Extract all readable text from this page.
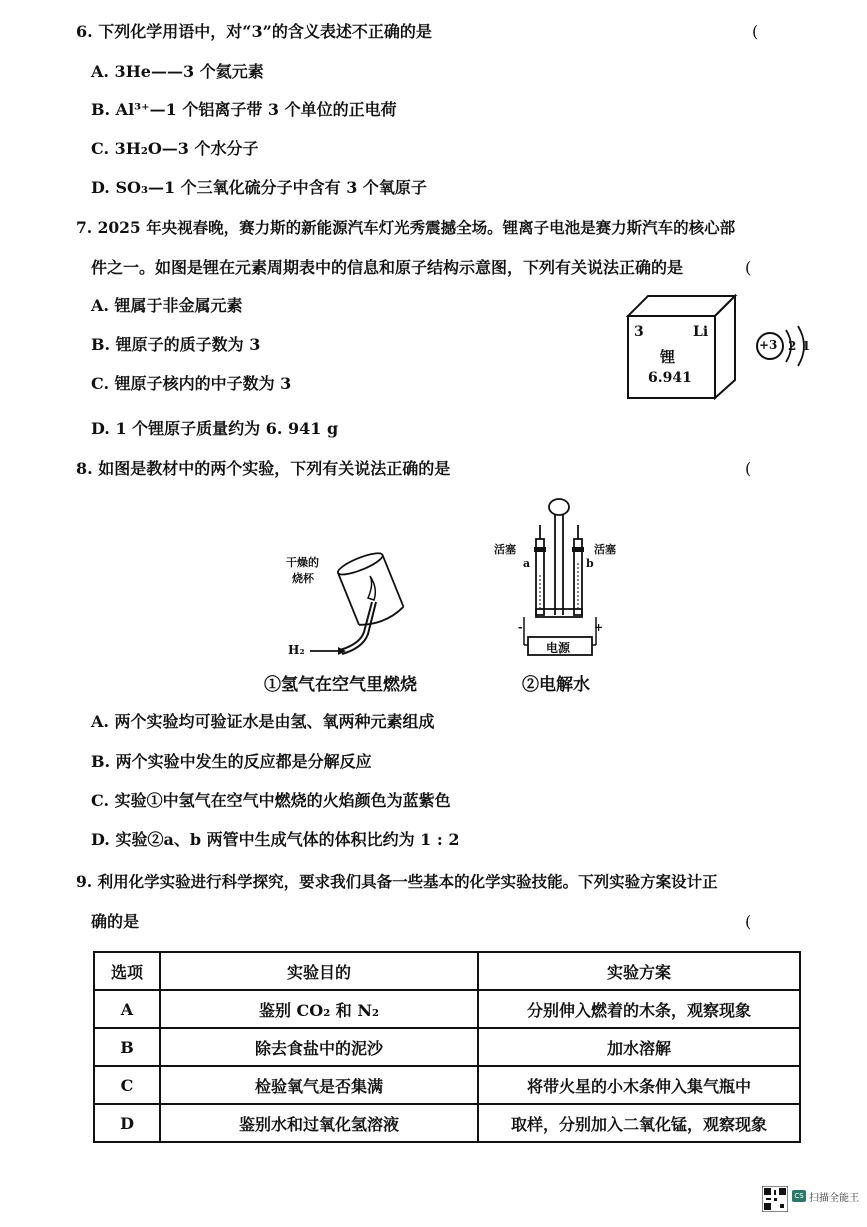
6. 下列化学用语中，对“3”的含义表述不正确的是	(
A. 3He——3 个氦元素
B. Al³⁺—1 个铝离子带 3 个单位的正电荷
C. 3H₂O—3 个水分子
D. SO₃—1 个三氧化硫分子中含有 3 个氧原子
7. 2025 年央视春晚，赛力斯的新能源汽车灯光秀震撼全场。锂离子电池是赛力斯汽车的核心部
件之一。如图是锂在元素周期表中的信息和原子结构示意图，下列有关说法正确的是	(
A. 锂属于非金属元素
B. 锂原子的质子数为 3
C. 锂原子核内的中子数为 3
D. 1 个锂原子质量约为 6. 941 g
3	Li
锂
6.941
+3 2 1
8. 如图是教材中的两个实验，下列有关说法正确的是	(
干燥的
烧杯
H₂
①氢气在空气里燃烧
活塞	活塞
a	b
-	+
电源
②电解水
A. 两个实验均可验证水是由氢、氧两种元素组成
B. 两个实验中发生的反应都是分解反应
C. 实验①中氢气在空气中燃烧的火焰颜色为蓝紫色
D. 实验②a、b 两管中生成气体的体积比约为 1 : 2
9. 利用化学实验进行科学探究，要求我们具备一些基本的化学实验技能。下列实验方案设计正
确的是	(
选项	实验目的	实验方案
A	鉴别 CO₂ 和 N₂	分别伸入燃着的木条，观察现象
B	除去食盐中的泥沙	加水溶解
C	检验氧气是否集满	将带火星的小木条伸入集气瓶中
D	鉴别水和过氧化氢溶液	取样，分别加入二氧化锰，观察现象
CS 扫描全能王
